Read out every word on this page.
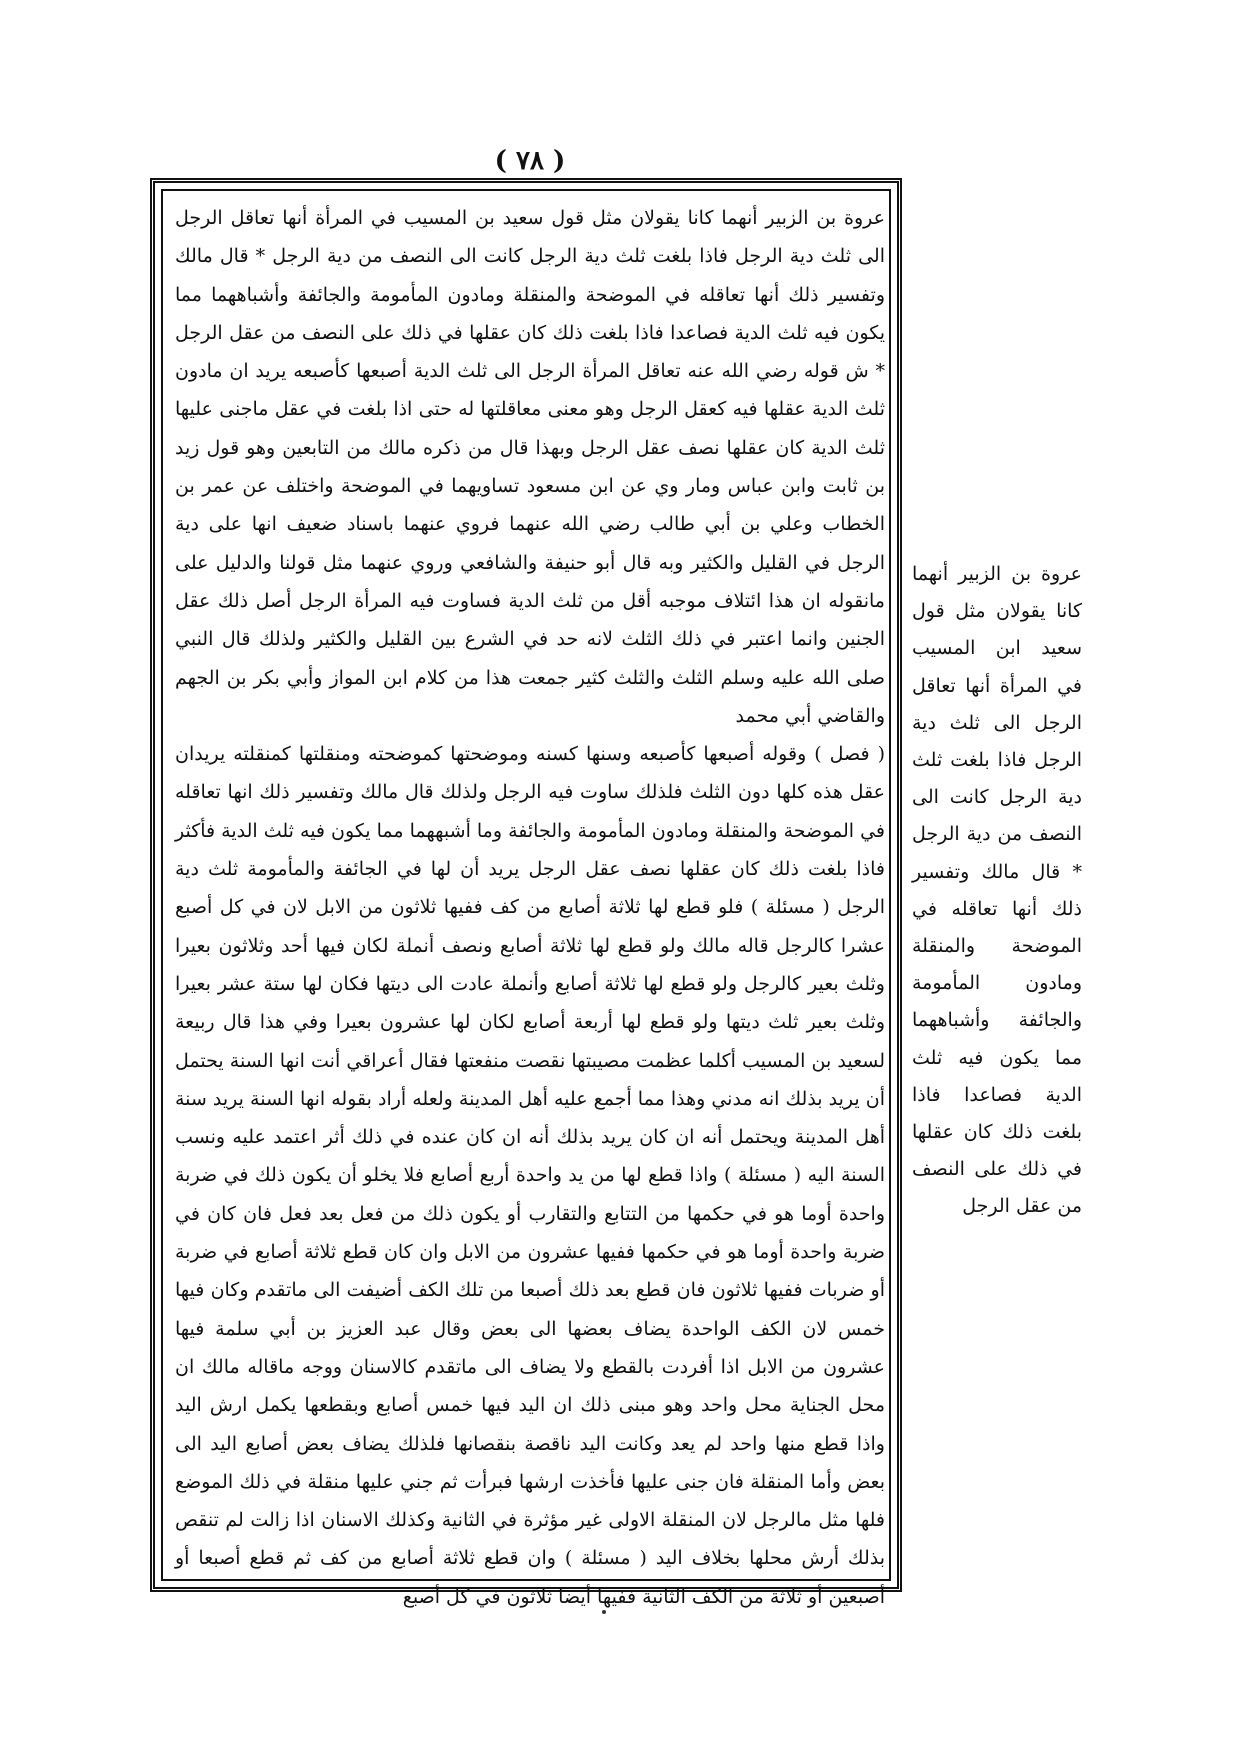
( ٧٨ )

عروة بن الزبير أنهما كانا يقولان مثل قول سعيد بن المسيب في المرأة أنها تعاقل الرجل الى ثلث دية الرجل فاذا بلغت ثلث دية الرجل كانت الى النصف من دية الرجل * قال مالك وتفسير ذلك أنها تعاقله في الموضحة والمنقلة ومادون المأمومة والجائفة وأشباههما مما يكون فيه ثلث الدية فصاعدا فاذا بلغت ذلك كان عقلها في ذلك على النصف من عقل الرجل * ش قوله رضي الله عنه تعاقل المرأة الرجل الى ثلث الدية أصبعها كأصبعه يريد ان مادون ثلث الدية عقلها فيه كعقل الرجل وهو معنى معاقلتها له حتى اذا بلغت في عقل ماجنى عليها ثلث الدية كان عقلها نصف عقل الرجل وبهذا قال من ذكره مالك من التابعين وهو قول زيد بن ثابت وابن عباس ومار وي عن ابن مسعود تساويهما في الموضحة واختلف عن عمر بن الخطاب وعلي بن أبي طالب رضي الله عنهما فروي عنهما باسناد ضعيف انها على دية الرجل في القليل والكثير وبه قال أبو حنيفة والشافعي وروي عنهما مثل قولنا والدليل على مانقوله ان هذا ائتلاف موجبه أقل من ثلث الدية فساوت فيه المرأة الرجل أصل ذلك عقل الجنين وانما اعتبر في ذلك الثلث لانه حد في الشرع بين القليل والكثير ولذلك قال النبي صلى الله عليه وسلم الثلث والثلث كثير جمعت هذا من كلام ابن المواز وأبي بكر بن الجهم والقاضي أبي محمد

( فصل ) وقوله أصبعها كأصبعه وسنها كسنه وموضحتها كموضحته ومنقلتها كمنقلته يريدان عقل هذه كلها دون الثلث فلذلك ساوت فيه الرجل ولذلك قال مالك وتفسير ذلك انها تعاقله في الموضحة والمنقلة ومادون المأمومة والجائفة وما أشبههما مما يكون فيه ثلث الدية فأكثر فاذا بلغت ذلك كان عقلها نصف عقل الرجل يريد أن لها في الجائفة والمأمومة ثلث دية الرجل ( مسئلة ) فلو قطع لها ثلاثة أصابع من كف ففيها ثلاثون من الابل لان في كل أصبع عشرا كالرجل قاله مالك ولو قطع لها ثلاثة أصابع ونصف أنملة لكان فيها أحد وثلاثون بعيرا وثلث بعير كالرجل ولو قطع لها ثلاثة أصابع وأنملة عادت الى ديتها فكان لها ستة عشر بعيرا وثلث بعير ثلث ديتها ولو قطع لها أربعة أصابع لكان لها عشرون بعيرا وفي هذا قال ربيعة لسعيد بن المسيب أكلما عظمت مصيبتها نقصت منفعتها فقال أعراقي أنت انها السنة يحتمل أن يريد بذلك انه مدني وهذا مما أجمع عليه أهل المدينة ولعله أراد بقوله انها السنة يريد سنة أهل المدينة ويحتمل أنه ان كان يريد بذلك أنه ان كان عنده في ذلك أثر اعتمد عليه ونسب السنة اليه ( مسئلة ) واذا قطع لها من يد واحدة أربع أصابع فلا يخلو أن يكون ذلك في ضربة واحدة أوما هو في حكمها من التتابع والتقارب أو يكون ذلك من فعل بعد فعل فان كان في ضربة واحدة أوما هو في حكمها ففيها عشرون من الابل وان كان قطع ثلاثة أصابع في ضربة أو ضربات ففيها ثلاثون فان قطع بعد ذلك أصبعا من تلك الكف أضيفت الى ماتقدم وكان فيها خمس لان الكف الواحدة يضاف بعضها الى بعض وقال عبد العزيز بن أبي سلمة فيها عشرون من الابل اذا أفردت بالقطع ولا يضاف الى ماتقدم كالاسنان ووجه ماقاله مالك ان محل الجناية محل واحد وهو مبنى ذلك ان اليد فيها خمس أصابع وبقطعها يكمل ارش اليد واذا قطع منها واحد لم يعد وكانت اليد ناقصة بنقصانها فلذلك يضاف بعض أصابع اليد الى بعض وأما المنقلة فان جنى عليها فأخذت ارشها فبرأت ثم جني عليها منقلة في ذلك الموضع فلها مثل مالرجل لان المنقلة الاولى غير مؤثرة في الثانية وكذلك الاسنان اذا زالت لم تنقص بذلك أرش محلها بخلاف اليد ( مسئلة ) وان قطع ثلاثة أصابع من كف ثم قطع أصبعا أو أصبعين أو ثلاثة من الكف الثانية ففيها أيضا ثلاثون في كل أصبع

عروة بن الزبير أنهما كانا يقولان مثل قول سعيد ابن المسيب في المرأة أنها تعاقل الرجل الى ثلث دية الرجل فاذا بلغت ثلث دية الرجل كانت الى النصف من دية الرجل * قال مالك وتفسير ذلك أنها تعاقله في الموضحة والمنقلة ومادون المأمومة والجائفة وأشباههما مما يكون فيه ثلث الدية فصاعدا فاذا بلغت ذلك كان عقلها في ذلك على النصف من عقل الرجل
